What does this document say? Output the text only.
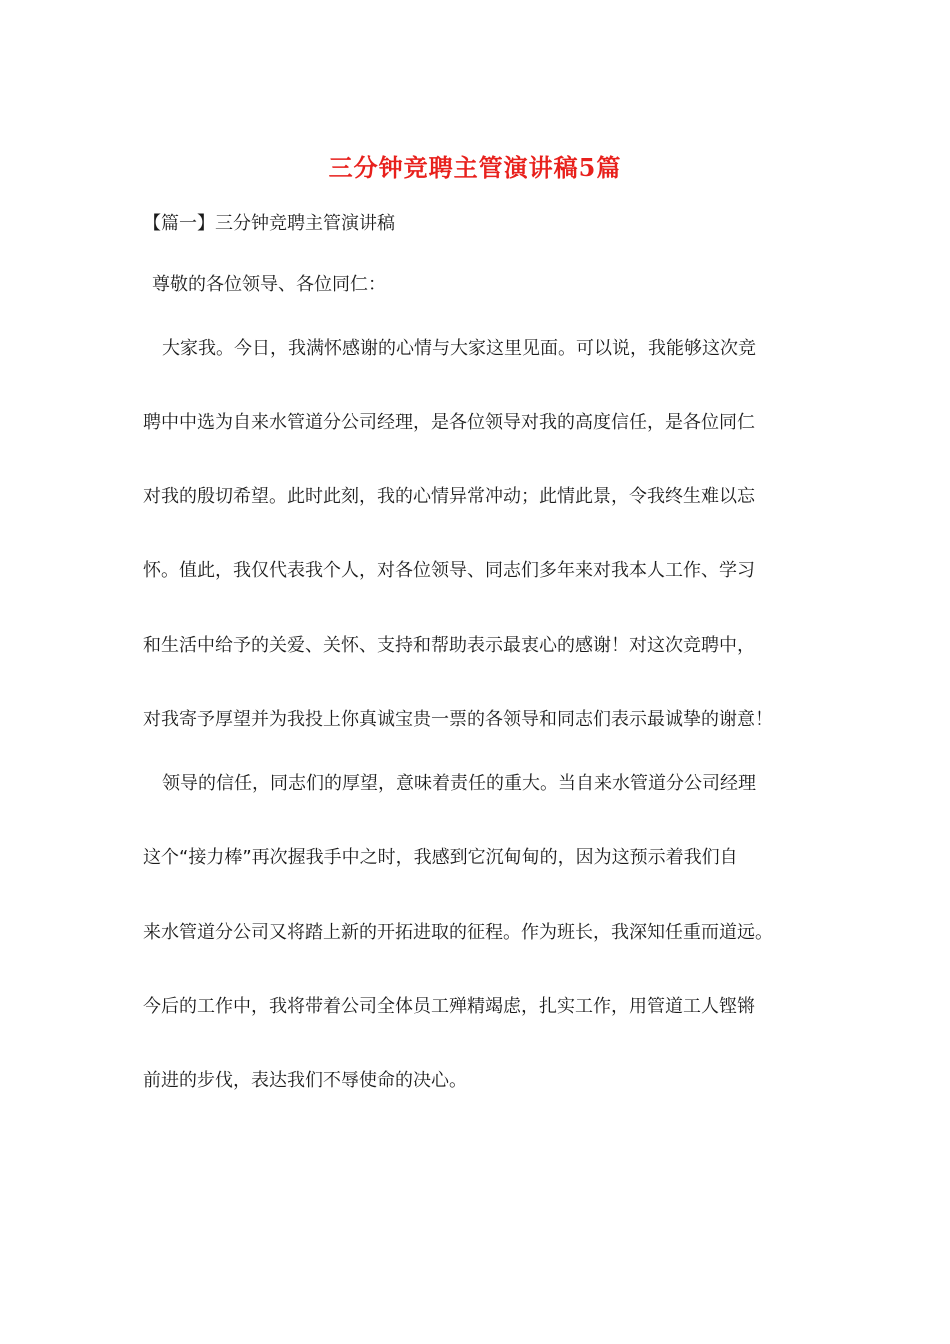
三分钟竞聘主管演讲稿5篇
【篇一】三分钟竞聘主管演讲稿
尊敬的各位领导、各位同仁：
大家我。今日，我满怀感谢的心情与大家这里见面。可以说，我能够这次竞
聘中中选为自来水管道分公司经理，是各位领导对我的高度信任，是各位同仁
对我的殷切希望。此时此刻，我的心情异常冲动；此情此景，令我终生难以忘
怀。值此，我仅代表我个人，对各位领导、同志们多年来对我本人工作、学习
和生活中给予的关爱、关怀、支持和帮助表示最衷心的感谢！对这次竞聘中，
对我寄予厚望并为我投上你真诚宝贵一票的各领导和同志们表示最诚挚的谢意！
领导的信任，同志们的厚望，意味着责任的重大。当自来水管道分公司经理
这个“接力棒”再次握我手中之时，我感到它沉甸甸的，因为这预示着我们自
来水管道分公司又将踏上新的开拓进取的征程。作为班长，我深知任重而道远。
今后的工作中，我将带着公司全体员工殚精竭虑，扎实工作，用管道工人铿锵
前进的步伐，表达我们不辱使命的决心。
